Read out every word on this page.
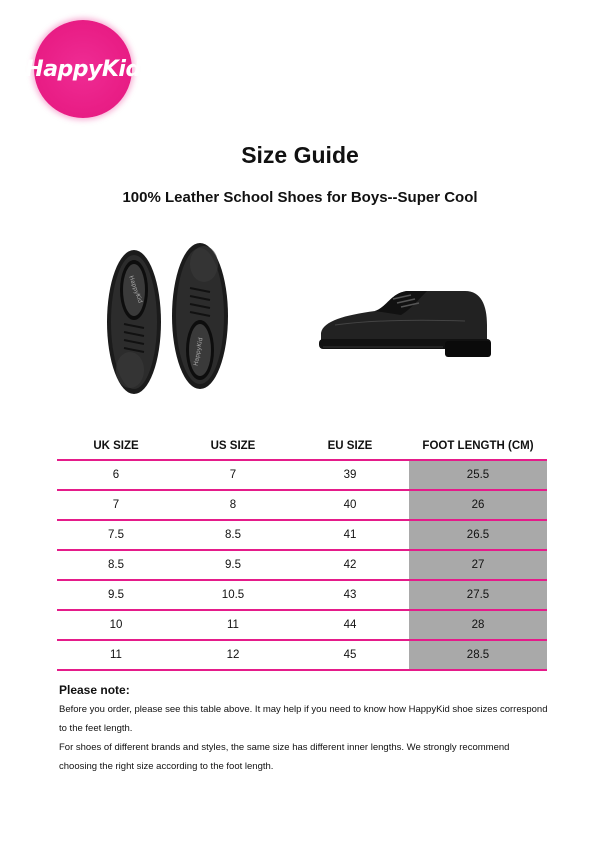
HappyKid
Size Guide
100% Leather School Shoes for Boys--Super Cool
HappyKid
HappyKid
UK SIZE	US SIZE	EU SIZE	FOOT LENGTH (CM)
6	7	39	25.5
7	8	40	26
7.5	8.5	41	26.5
8.5	9.5	42	27
9.5	10.5	43	27.5
10	11	44	28
11	12	45	28.5
Please note:

Before you order, please see this table above. It may help if you need to know how HappyKid shoe sizes correspond to the feet length.

For shoes of different brands and styles, the same size has different inner lengths. We strongly recommend choosing the right size according to the foot length.
